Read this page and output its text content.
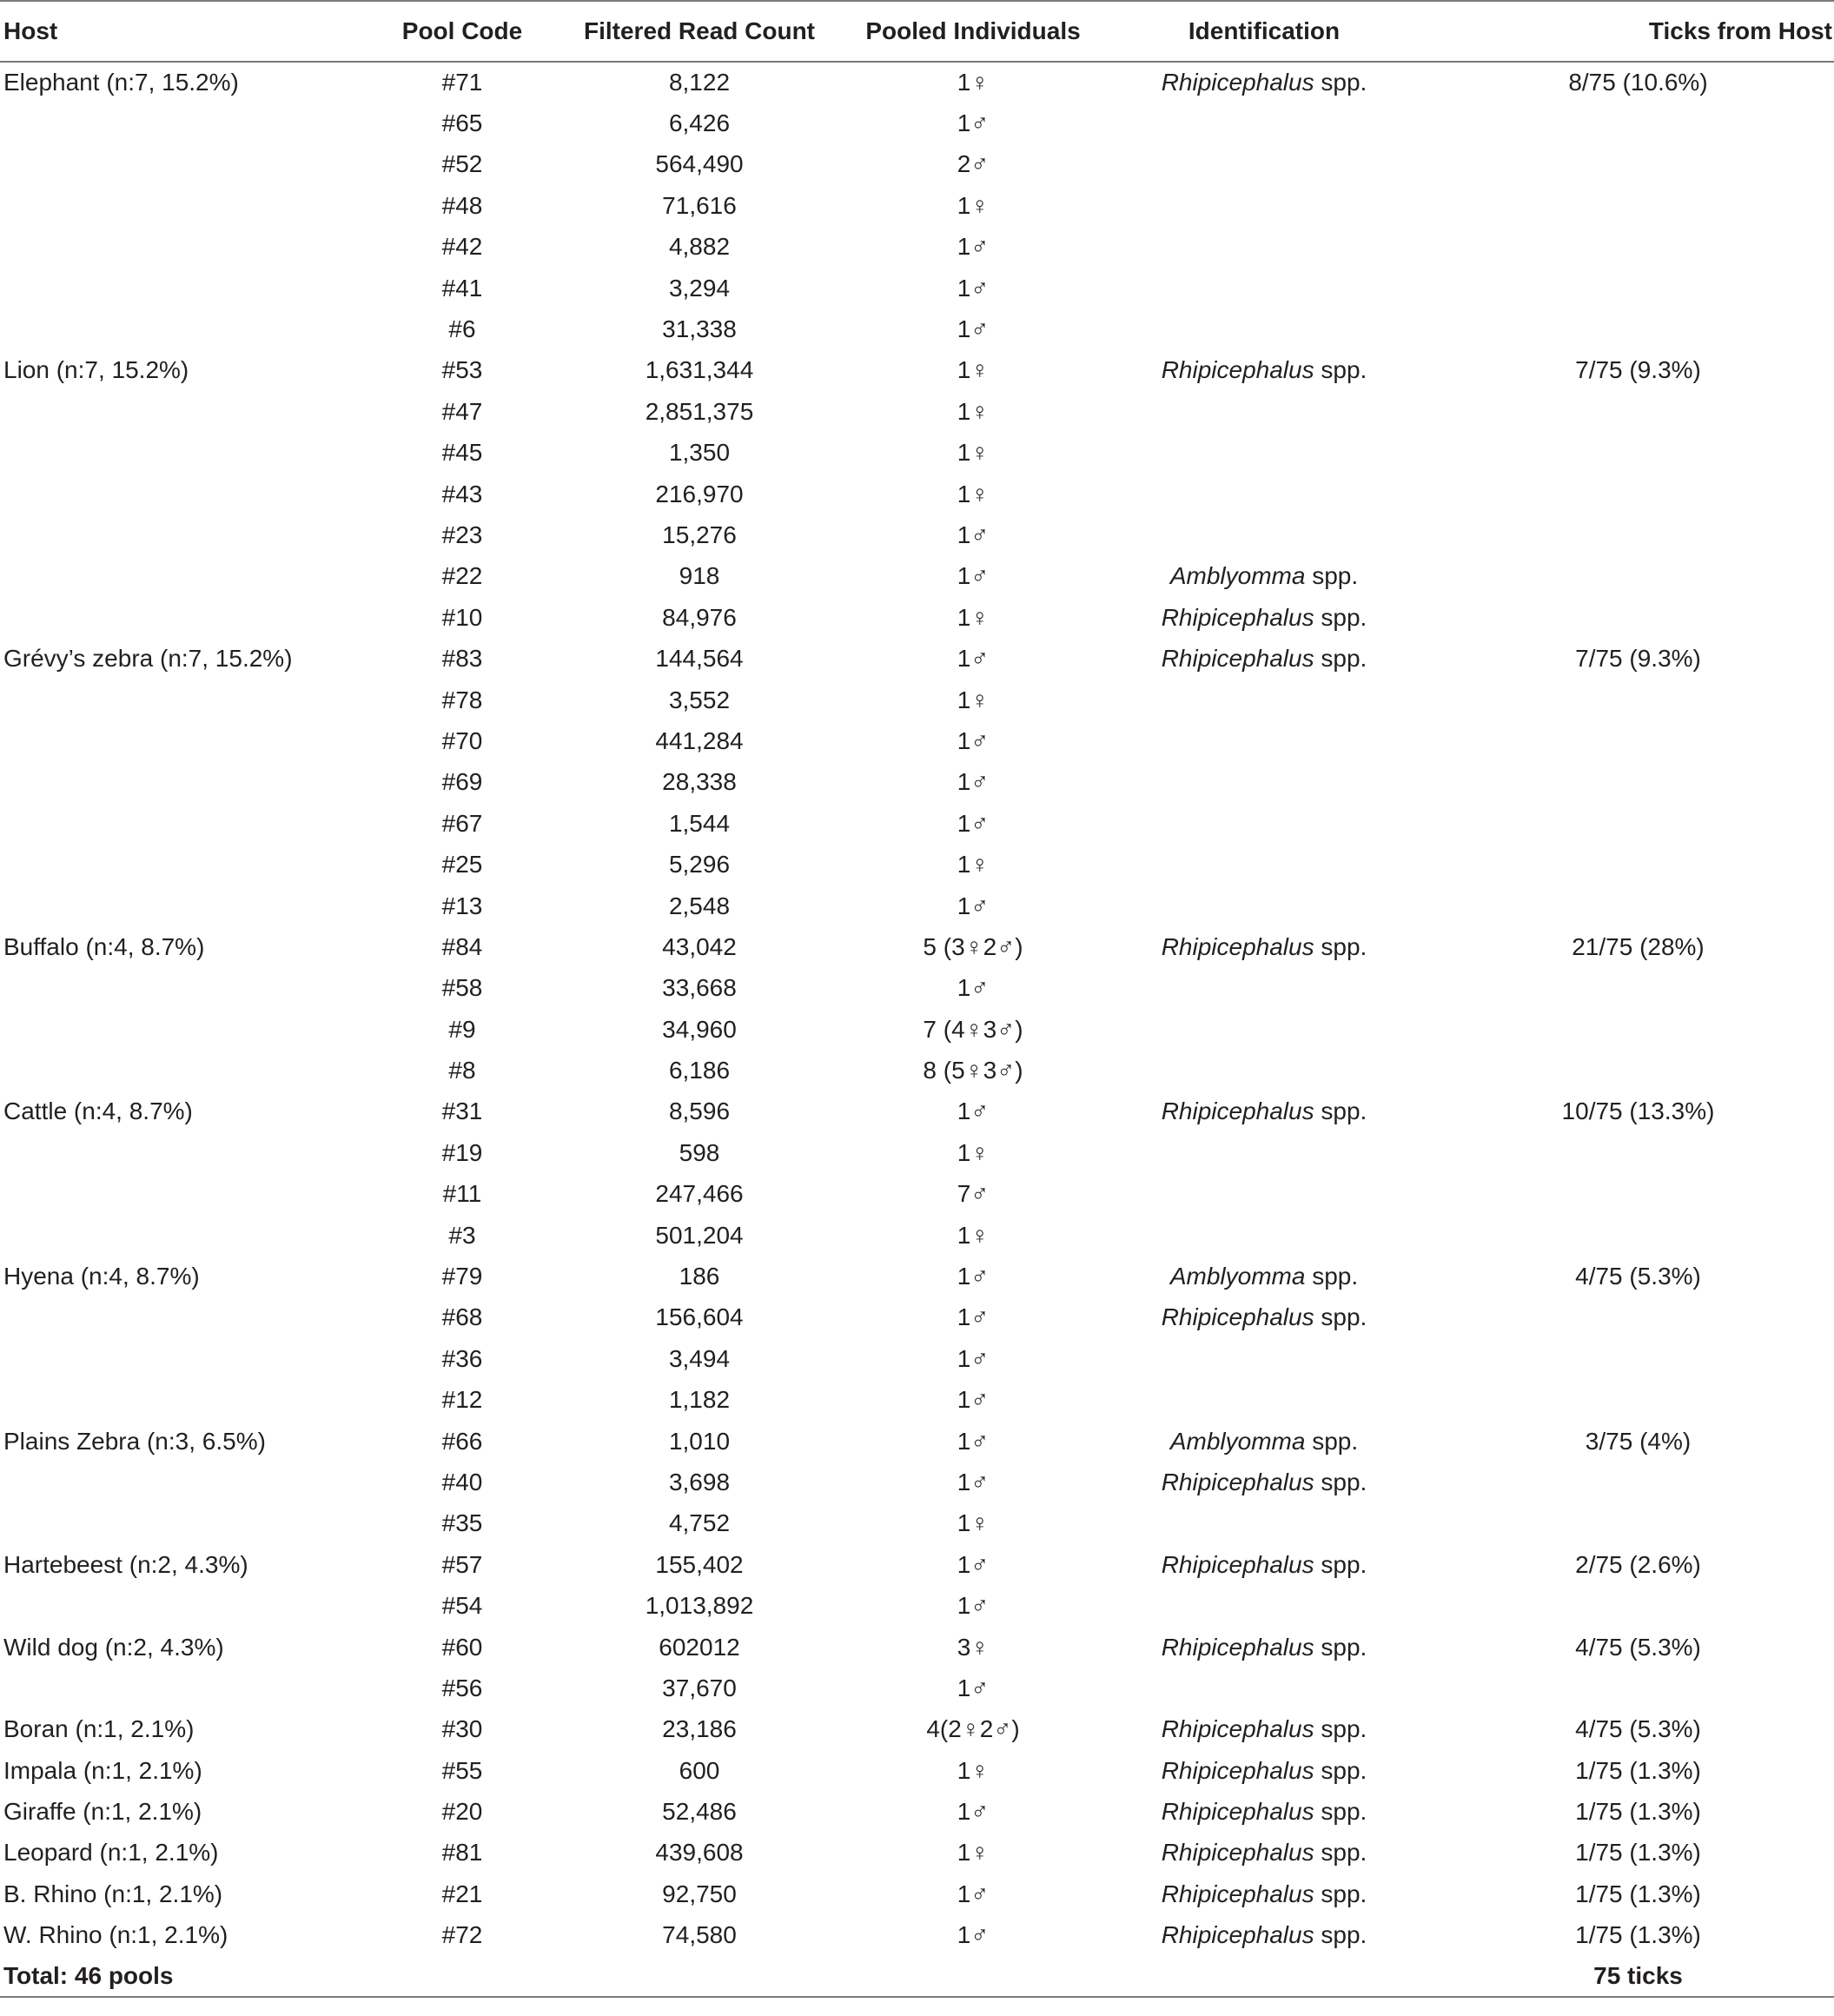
Host	Pool Code	Filtered Read Count	Pooled Individuals	Identification	Ticks from Host
Elephant (n:7, 15.2%)	#71	8,122	1♀	Rhipicephalus spp.	8/75 (10.6%)
	#65	6,426	1♂		
	#52	564,490	2♂		
	#48	71,616	1♀		
	#42	4,882	1♂		
	#41	3,294	1♂		
	#6	31,338	1♂		
Lion (n:7, 15.2%)	#53	1,631,344	1♀	Rhipicephalus spp.	7/75 (9.3%)
	#47	2,851,375	1♀		
	#45	1,350	1♀		
	#43	216,970	1♀		
	#23	15,276	1♂		
	#22	918	1♂	Amblyomma spp.	
	#10	84,976	1♀	Rhipicephalus spp.	
Grévy’s zebra (n:7, 15.2%)	#83	144,564	1♂	Rhipicephalus spp.	7/75 (9.3%)
	#78	3,552	1♀		
	#70	441,284	1♂		
	#69	28,338	1♂		
	#67	1,544	1♂		
	#25	5,296	1♀		
	#13	2,548	1♂		
Buffalo (n:4, 8.7%)	#84	43,042	5 (3♀2♂)	Rhipicephalus spp.	21/75 (28%)
	#58	33,668	1♂		
	#9	34,960	7 (4♀3♂)		
	#8	6,186	8 (5♀3♂)		
Cattle (n:4, 8.7%)	#31	8,596	1♂	Rhipicephalus spp.	10/75 (13.3%)
	#19	598	1♀		
	#11	247,466	7♂		
	#3	501,204	1♀		
Hyena (n:4, 8.7%)	#79	186	1♂	Amblyomma spp.	4/75 (5.3%)
	#68	156,604	1♂	Rhipicephalus spp.	
	#36	3,494	1♂		
	#12	1,182	1♂		
Plains Zebra (n:3, 6.5%)	#66	1,010	1♂	Amblyomma spp.	3/75 (4%)
	#40	3,698	1♂	Rhipicephalus spp.	
	#35	4,752	1♀		
Hartebeest (n:2, 4.3%)	#57	155,402	1♂	Rhipicephalus spp.	2/75 (2.6%)
	#54	1,013,892	1♂		
Wild dog (n:2, 4.3%)	#60	602012	3♀	Rhipicephalus spp.	4/75 (5.3%)
	#56	37,670	1♂		
Boran (n:1, 2.1%)	#30	23,186	4(2♀2♂)	Rhipicephalus spp.	4/75 (5.3%)
Impala (n:1, 2.1%)	#55	600	1♀	Rhipicephalus spp.	1/75 (1.3%)
Giraffe (n:1, 2.1%)	#20	52,486	1♂	Rhipicephalus spp.	1/75 (1.3%)
Leopard (n:1, 2.1%)	#81	439,608	1♀	Rhipicephalus spp.	1/75 (1.3%)
B. Rhino (n:1, 2.1%)	#21	92,750	1♂	Rhipicephalus spp.	1/75 (1.3%)
W. Rhino (n:1, 2.1%)	#72	74,580	1♂	Rhipicephalus spp.	1/75 (1.3%)
Total: 46 pools					75 ticks
